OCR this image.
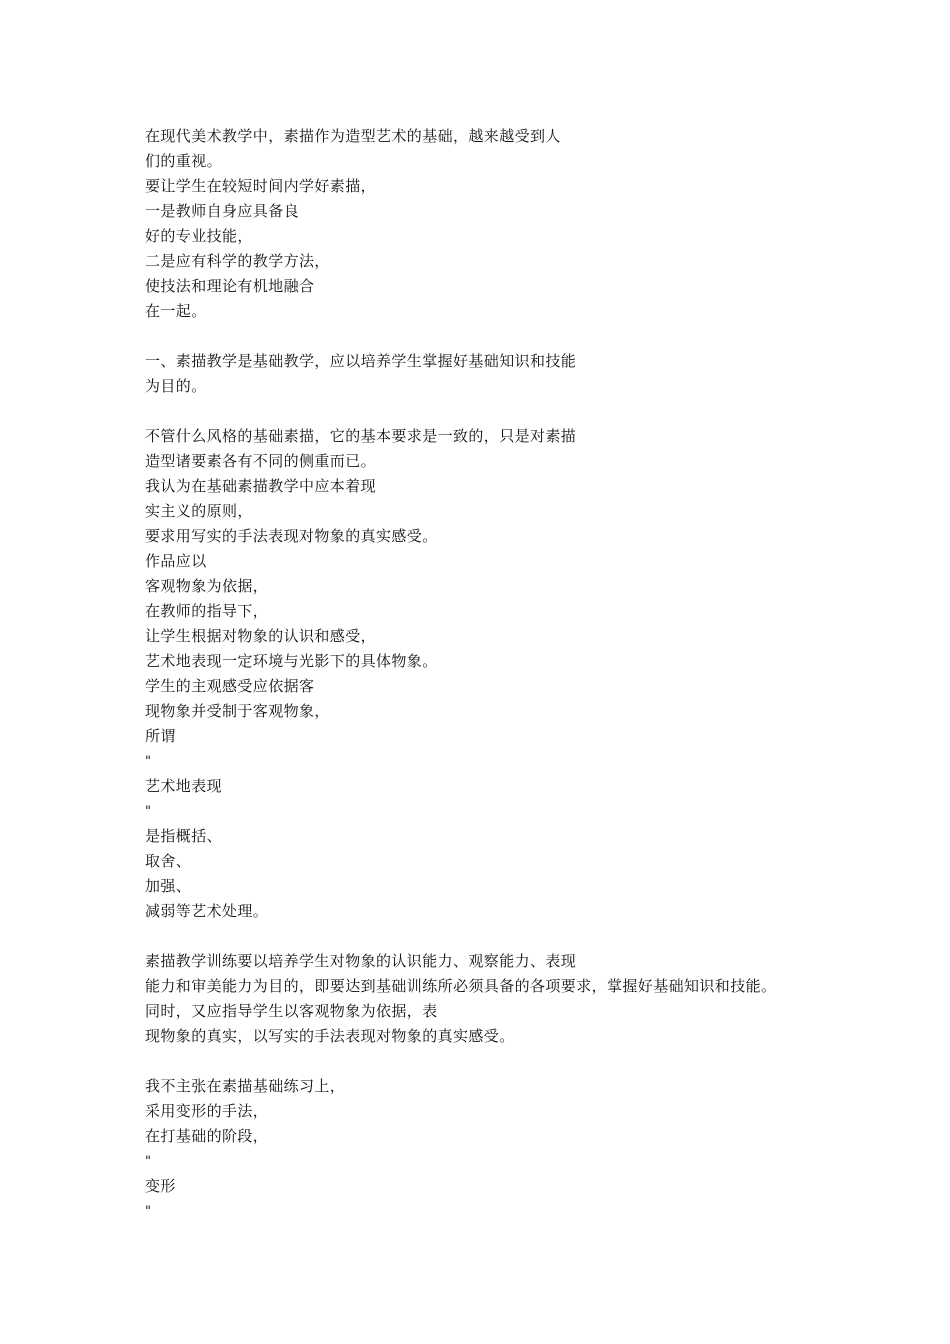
在现代美术教学中，素描作为造型艺术的基础，越来越受到人
们的重视。
要让学生在较短时间内学好素描，
一是教师自身应具备良
好的专业技能，
二是应有科学的教学方法，
使技法和理论有机地融合
在一起。
一、素描教学是基础教学，应以培养学生掌握好基础知识和技能
为目的。
不管什么风格的基础素描，它的基本要求是一致的，只是对素描
造型诸要素各有不同的侧重而已。
我认为在基础素描教学中应本着现
实主义的原则，
要求用写实的手法表现对物象的真实感受。
作品应以
客观物象为依据，
在教师的指导下，
让学生根据对物象的认识和感受，
艺术地表现一定环境与光影下的具体物象。
学生的主观感受应依据客
现物象并受制于客观物象，
所谓
"
艺术地表现
"
是指概括、
取舍、
加强、
减弱等艺术处理。
素描教学训练要以培养学生对物象的认识能力、观察能力、表现
能力和审美能力为目的，即要达到基础训练所必须具备的各项要求，掌握好基础知识和技能。
同时，又应指导学生以客观物象为依据，表
现物象的真实，以写实的手法表现对物象的真实感受。
我不主张在素描基础练习上，
采用变形的手法，
在打基础的阶段，
"
变形
"
